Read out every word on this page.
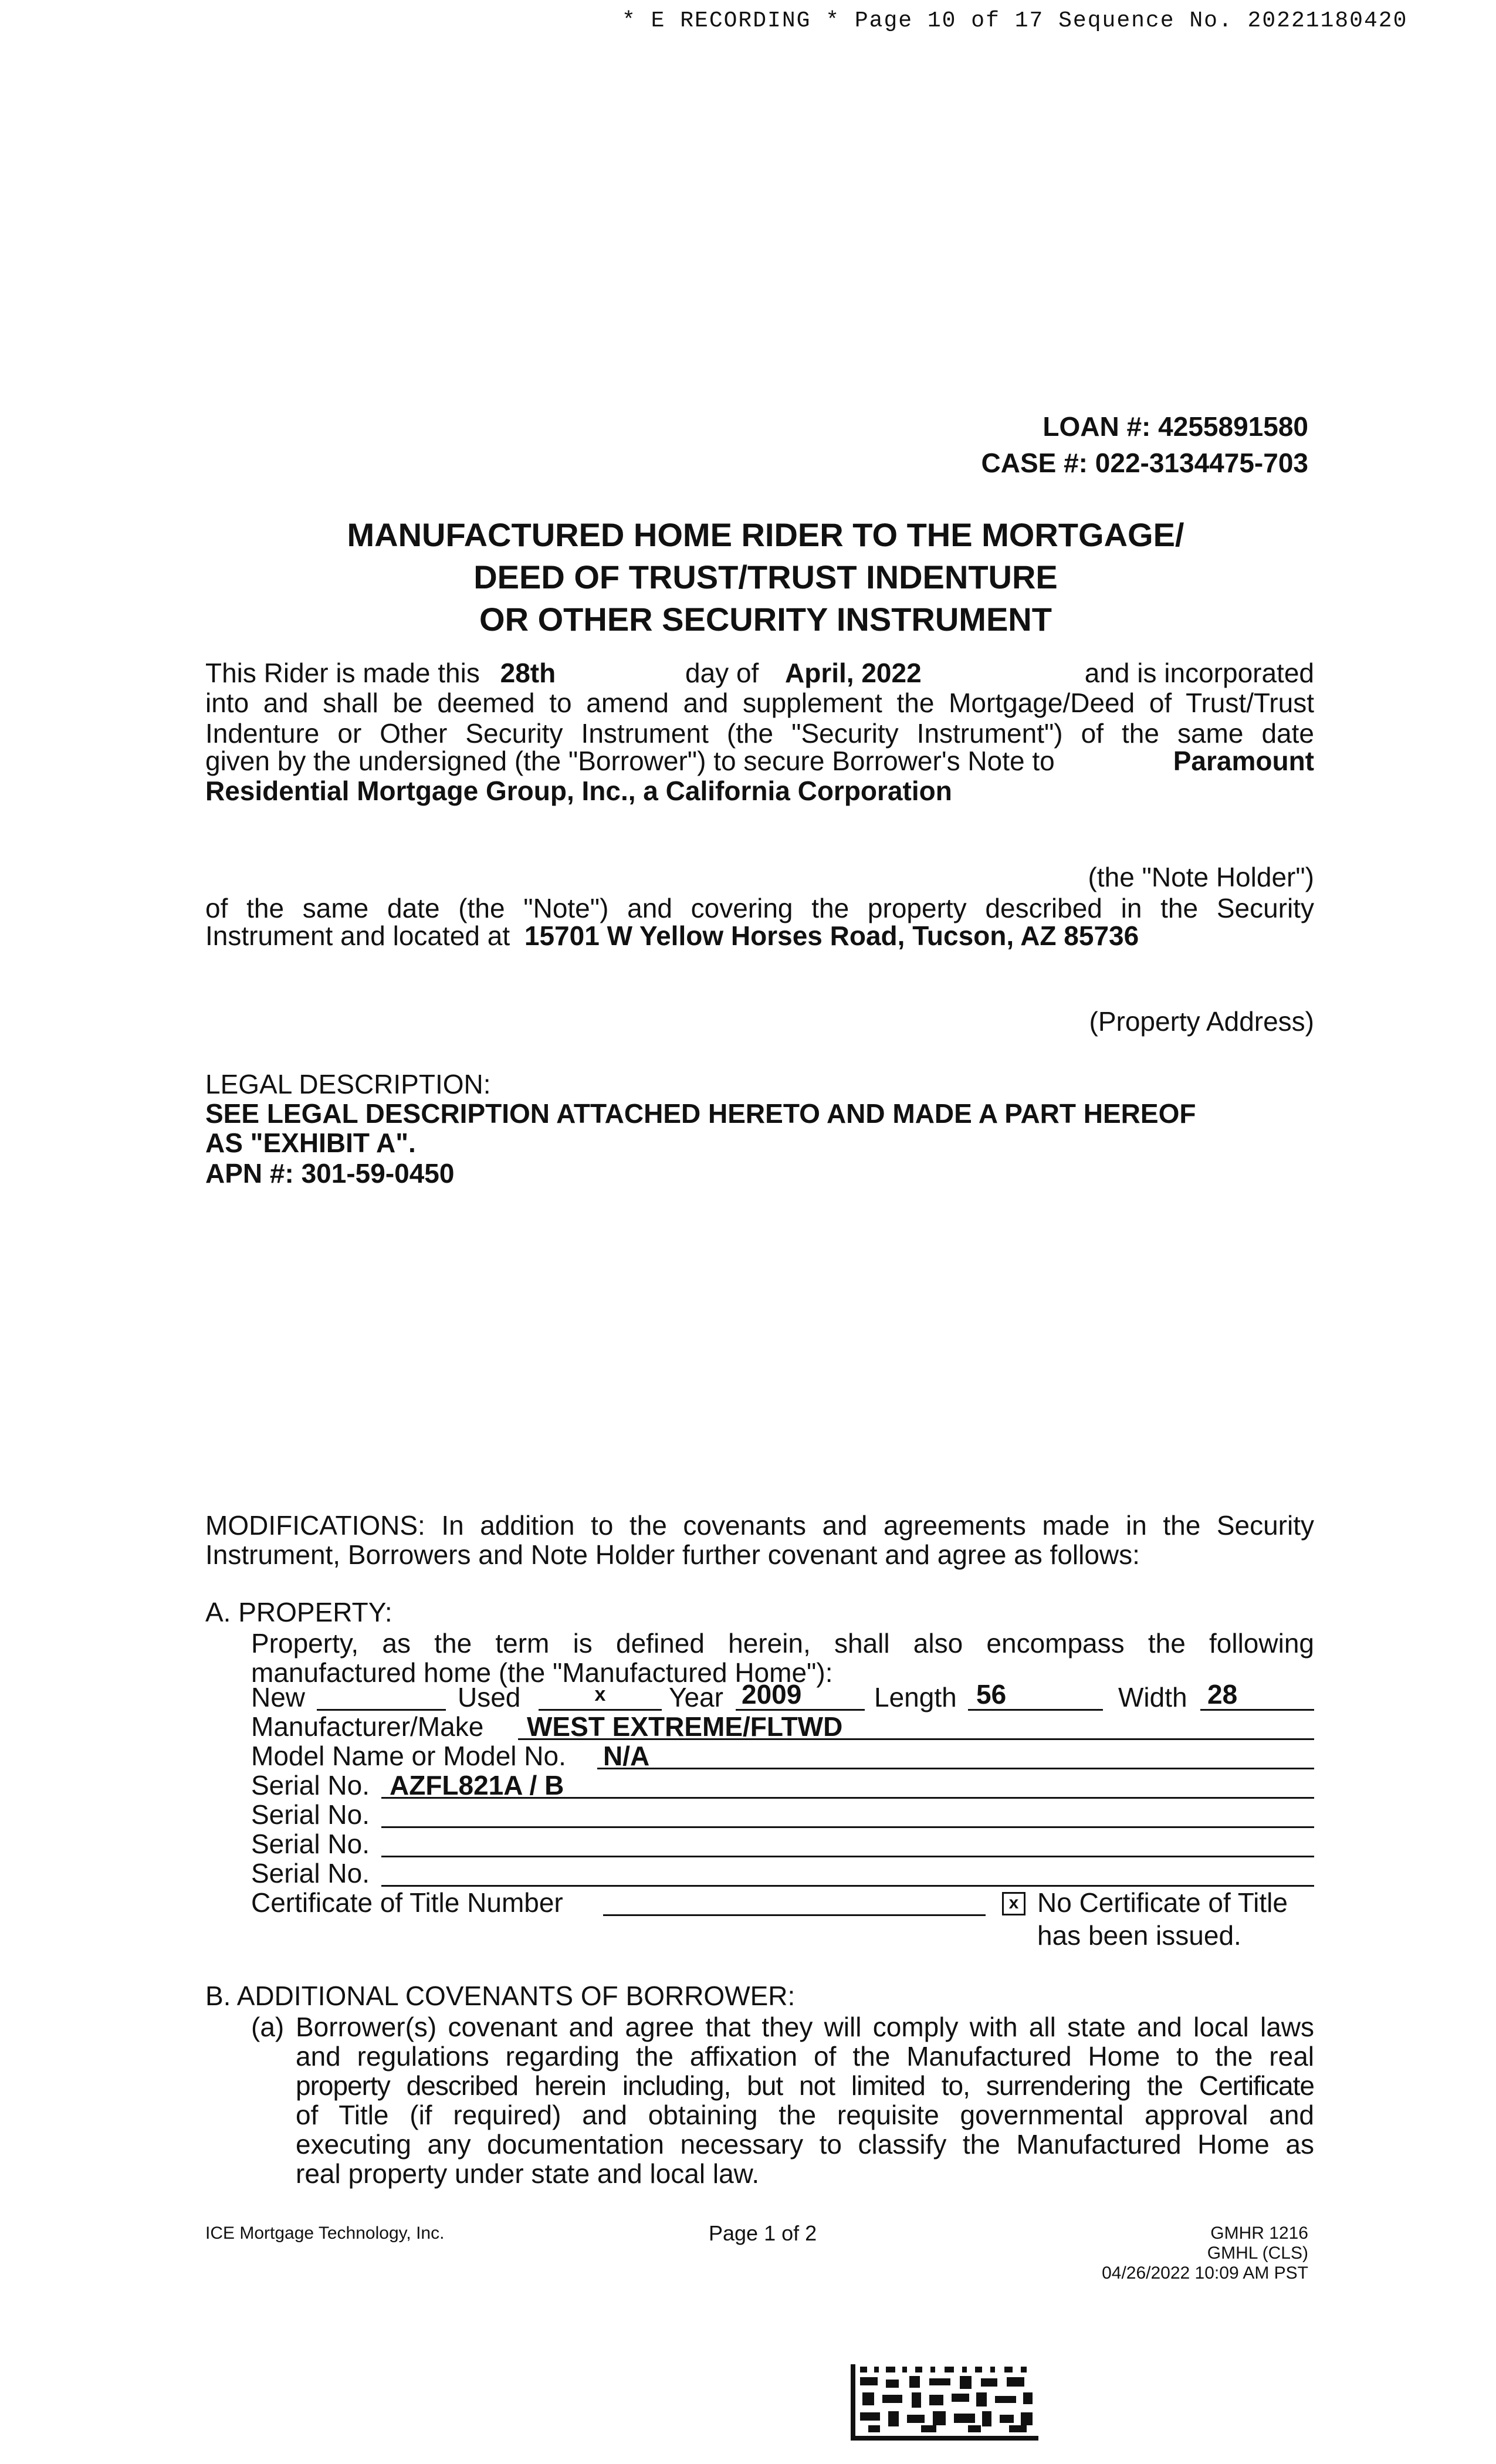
* E RECORDING * Page 10 of 17 Sequence No. 20221180420
LOAN #: 4255891580
CASE #: 022-3134475-703
MANUFACTURED HOME RIDER TO THE MORTGAGE/
DEED OF TRUST/TRUST INDENTURE
OR OTHER SECURITY INSTRUMENT
This Rider is made this 28th	day of April, 2022	and is incorporated
into and shall be deemed to amend and supplement the Mortgage/Deed of Trust/Trust
Indenture or Other Security Instrument (the "Security Instrument") of the same date
given by the undersigned (the "Borrower") to secure Borrower's Note to	Paramount
Residential Mortgage Group, Inc., a California Corporation
(the "Note Holder")
of the same date (the "Note") and covering the property described in the Security
Instrument and located at 15701 W Yellow Horses Road, Tucson, AZ 85736
(Property Address)
LEGAL DESCRIPTION:
SEE LEGAL DESCRIPTION ATTACHED HERETO AND MADE A PART HEREOF
AS "EXHIBIT A".
APN #: 301-59-0450
MODIFICATIONS: In addition to the covenants and agreements made in the Security
Instrument, Borrowers and Note Holder further covenant and agree as follows:
A. PROPERTY:
Property, as the term is defined herein, shall also encompass the following
manufactured home (the "Manufactured Home"):
New	Used	x	Year 2009	Length 56	Width 28
Manufacturer/Make WEST EXTREME/FLTWD
Model Name or Model No. N/A
Serial No. AZFL821A / B
Serial No.
Serial No.
Serial No.
Certificate of Title Number	x No Certificate of Title
has been issued.
B. ADDITIONAL COVENANTS OF BORROWER:
(a) Borrower(s) covenant and agree that they will comply with all state and local laws
and regulations regarding the affixation of the Manufactured Home to the real
property described herein including, but not limited to, surrendering the Certificate
of Title (if required) and obtaining the requisite governmental approval and
executing any documentation necessary to classify the Manufactured Home as
real property under state and local law.
ICE Mortgage Technology, Inc.	Page 1 of 2	GMHR 1216
GMHL (CLS)
04/26/2022 10:09 AM PST
